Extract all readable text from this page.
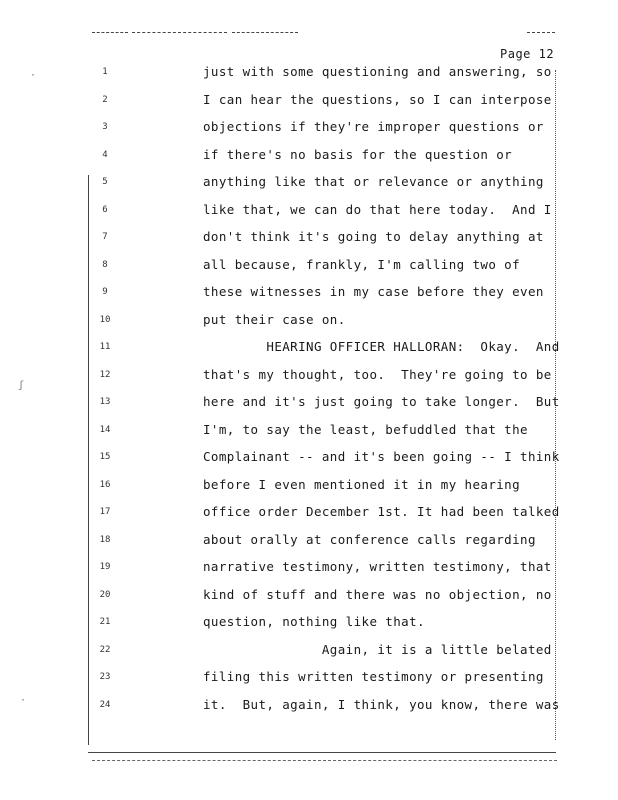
·
ʃ
·
Page 12
1	just with some questioning and answering, so
2	I can hear the questions, so I can interpose
3	objections if they're improper questions or
4	if there's no basis for the question or
5	anything like that or relevance or anything
6	like that, we can do that here today.  And I
7	don't think it's going to delay anything at
8	all because, frankly, I'm calling two of
9	these witnesses in my case before they even
10	put their case on.
11	HEARING OFFICER HALLORAN:  Okay.  And
12	that's my thought, too.  They're going to be
13	here and it's just going to take longer.  But
14	I'm, to say the least, befuddled that the
15	Complainant -- and it's been going -- I think
16	before I even mentioned it in my hearing
17	office order December 1st. It had been talked
18	about orally at conference calls regarding
19	narrative testimony, written testimony, that
20	kind of stuff and there was no objection, no
21	question, nothing like that.
22	Again, it is a little belated
23	filing this written testimony or presenting
24	it.  But, again, I think, you know, there was
